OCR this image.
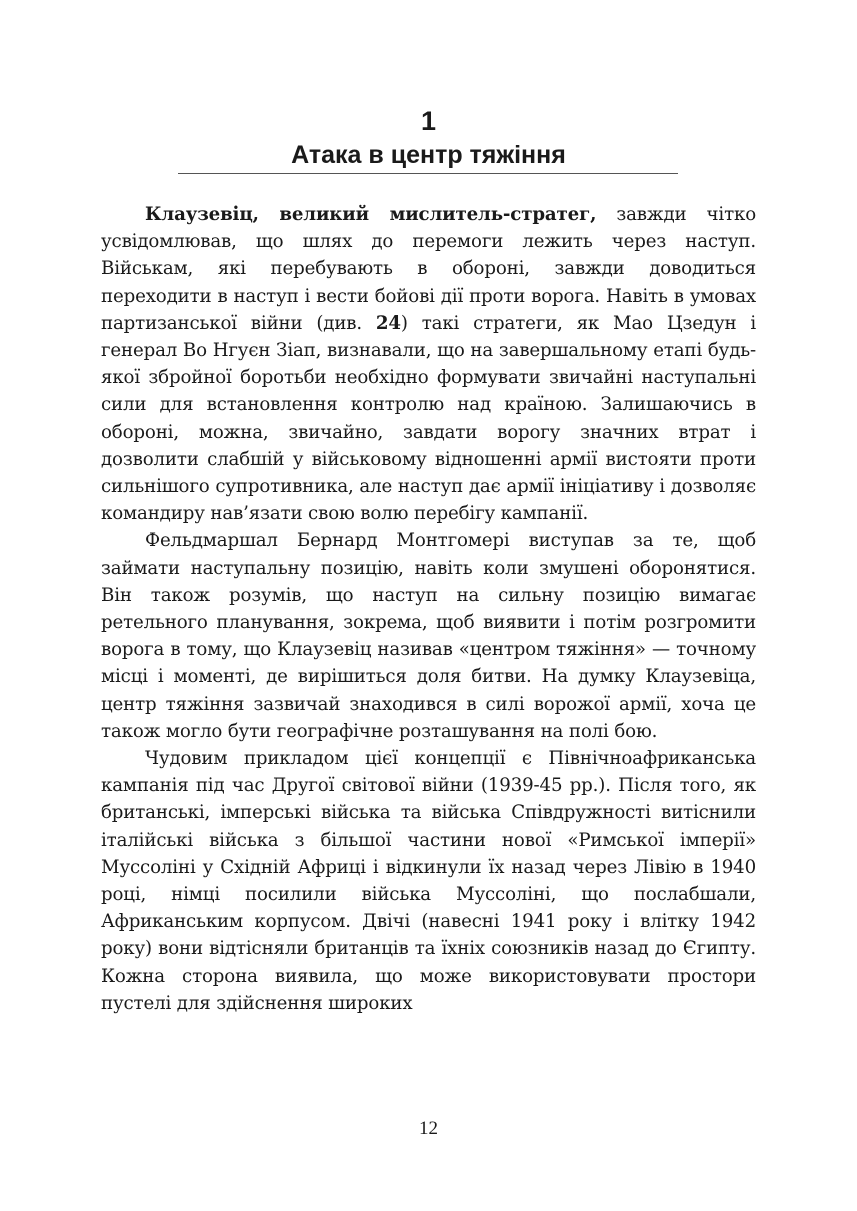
1
Атака в центр тяжіння

Клаузевіц, великий мислитель-стратег, завжди чітко усвідомлював, що шлях до перемоги лежить через наступ. Військам, які перебувають в обороні, завжди доводиться переходити в наступ і вести бойові дії проти ворога. Навіть в умовах партизанської війни (див. 24) такі стратеги, як Мао Цзедун і генерал Во Нгуєн Зіап, визнавали, що на завершальному етапі будь-якої збройної боротьби необхідно формувати звичайні наступальні сили для встановлення контролю над країною. Залишаючись в обороні, можна, звичайно, завдати ворогу значних втрат і дозволити слабшій у військовому відношенні армії вистояти проти сильнішого супротивника, але наступ дає армії ініціативу і дозволяє командиру нав’язати свою волю перебігу кампанії.

Фельдмаршал Бернард Монтгомері виступав за те, щоб займати наступальну позицію, навіть коли змушені оборонятися. Він також розумів, що наступ на сильну позицію вимагає ретельного планування, зокрема, щоб виявити і потім розгромити ворога в тому, що Клаузевіц називав «центром тяжіння» — точному місці і моменті, де вирішиться доля битви. На думку Клаузевіца, центр тяжіння зазвичай знаходився в силі ворожої армії, хоча це також могло бути географічне розташування на полі бою.

Чудовим прикладом цієї концепції є Північноафриканська кампанія під час Другої світової війни (1939-45 рр.). Після того, як британські, імперські війська та війська Співдружності витіснили італійські війська з більшої частини нової «Римської імперії» Муссоліні у Східній Африці і відкинули їх назад через Лівію в 1940 році, німці посилили війська Муссоліні, що послабшали, Африканським корпусом. Двічі (навесні 1941 року і влітку 1942 року) вони відтісняли британців та їхніх союзників назад до Єгипту. Кожна сторона виявила, що може використовувати простори пустелі для здійснення широких

12
